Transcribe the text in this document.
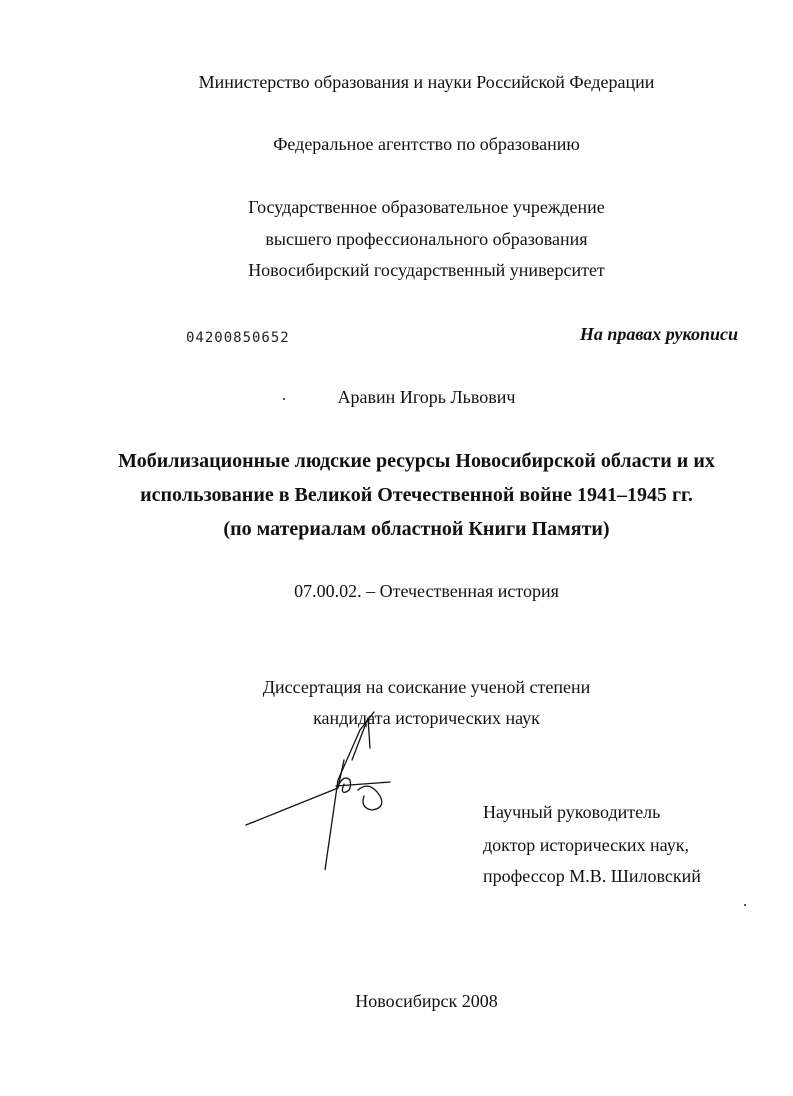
Министерство образования и науки Российской Федерации
Федеральное агентство по образованию
Государственное образовательное учреждение
высшего профессионального образования
Новосибирский государственный университет
04200850652	На правах рукописи
Аравин Игорь Львович
Мобилизационные людские ресурсы Новосибирской области и их
использование в Великой Отечественной войне 1941–1945 гг.
(по материалам областной Книги Памяти)
07.00.02. – Отечественная история
Диссертация на соискание ученой степени
кандидата исторических наук
Научный руководитель
доктор исторических наук,
профессор М.В. Шиловский
Новосибирск 2008
